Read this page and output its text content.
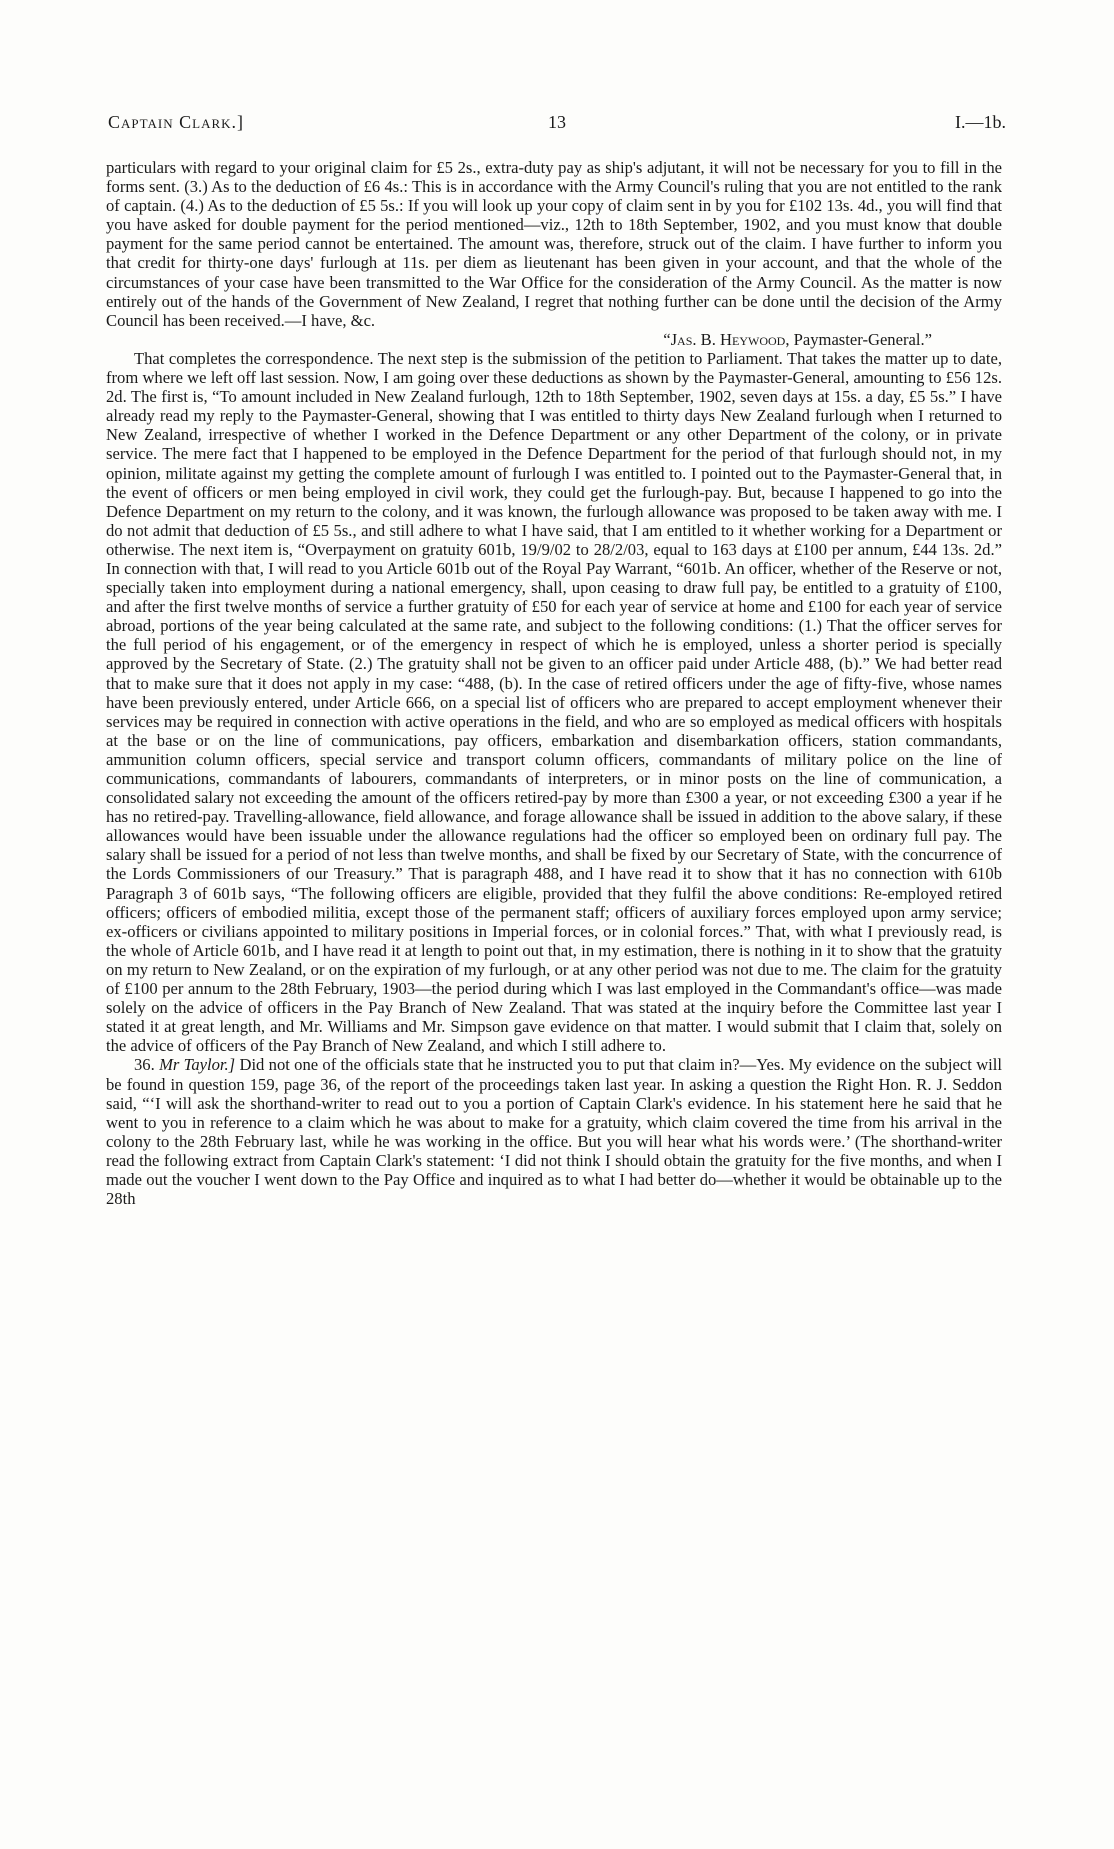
Captain Clark.]	13	I.—1b.

particulars with regard to your original claim for £5 2s., extra-duty pay as ship's adjutant, it will not be necessary for you to fill in the forms sent. (3.) As to the deduction of £6 4s.: This is in accordance with the Army Council's ruling that you are not entitled to the rank of captain. (4.) As to the deduction of £5 5s.: If you will look up your copy of claim sent in by you for £102 13s. 4d., you will find that you have asked for double payment for the period mentioned—viz., 12th to 18th September, 1902, and you must know that double payment for the same period cannot be entertained. The amount was, therefore, struck out of the claim. I have further to inform you that credit for thirty-one days' furlough at 11s. per diem as lieutenant has been given in your account, and that the whole of the circumstances of your case have been transmitted to the War Office for the consideration of the Army Council. As the matter is now entirely out of the hands of the Government of New Zealand, I regret that nothing further can be done until the decision of the Army Council has been received.—I have, &c.

“Jas. B. Heywood, Paymaster-General.”

That completes the correspondence. The next step is the submission of the petition to Parliament. That takes the matter up to date, from where we left off last session. Now, I am going over these deductions as shown by the Paymaster-General, amounting to £56 12s. 2d. The first is, “To amount included in New Zealand furlough, 12th to 18th September, 1902, seven days at 15s. a day, £5 5s.” I have already read my reply to the Paymaster-General, showing that I was entitled to thirty days New Zealand furlough when I returned to New Zealand, irrespective of whether I worked in the Defence Department or any other Department of the colony, or in private service. The mere fact that I happened to be employed in the Defence Department for the period of that furlough should not, in my opinion, militate against my getting the complete amount of furlough I was entitled to. I pointed out to the Paymaster-General that, in the event of officers or men being employed in civil work, they could get the furlough-pay. But, because I happened to go into the Defence Department on my return to the colony, and it was known, the furlough allowance was proposed to be taken away with me. I do not admit that deduction of £5 5s., and still adhere to what I have said, that I am entitled to it whether working for a Department or otherwise. The next item is, “Overpayment on gratuity 601b, 19/9/02 to 28/2/03, equal to 163 days at £100 per annum, £44 13s. 2d.” In connection with that, I will read to you Article 601b out of the Royal Pay Warrant, “601b. An officer, whether of the Reserve or not, specially taken into employment during a national emergency, shall, upon ceasing to draw full pay, be entitled to a gratuity of £100, and after the first twelve months of service a further gratuity of £50 for each year of service at home and £100 for each year of service abroad, portions of the year being calculated at the same rate, and subject to the following conditions: (1.) That the officer serves for the full period of his engagement, or of the emergency in respect of which he is employed, unless a shorter period is specially approved by the Secretary of State. (2.) The gratuity shall not be given to an officer paid under Article 488, (b).” We had better read that to make sure that it does not apply in my case: “488, (b). In the case of retired officers under the age of fifty-five, whose names have been previously entered, under Article 666, on a special list of officers who are prepared to accept employment whenever their services may be required in connection with active operations in the field, and who are so employed as medical officers with hospitals at the base or on the line of communications, pay officers, embarkation and disembarkation officers, station commandants, ammunition column officers, special service and transport column officers, commandants of military police on the line of communications, commandants of labourers, commandants of interpreters, or in minor posts on the line of communication, a consolidated salary not exceeding the amount of the officers retired-pay by more than £300 a year, or not exceeding £300 a year if he has no retired-pay. Travelling-allowance, field allowance, and forage allowance shall be issued in addition to the above salary, if these allowances would have been issuable under the allowance regulations had the officer so employed been on ordinary full pay. The salary shall be issued for a period of not less than twelve months, and shall be fixed by our Secretary of State, with the concurrence of the Lords Commissioners of our Treasury.” That is paragraph 488, and I have read it to show that it has no connection with 610b Paragraph 3 of 601b says, “The following officers are eligible, provided that they fulfil the above conditions: Re-employed retired officers; officers of embodied militia, except those of the permanent staff; officers of auxiliary forces employed upon army service; ex-officers or civilians appointed to military positions in Imperial forces, or in colonial forces.” That, with what I previously read, is the whole of Article 601b, and I have read it at length to point out that, in my estimation, there is nothing in it to show that the gratuity on my return to New Zealand, or on the expiration of my furlough, or at any other period was not due to me. The claim for the gratuity of £100 per annum to the 28th February, 1903—the period during which I was last employed in the Commandant's office—was made solely on the advice of officers in the Pay Branch of New Zealand. That was stated at the inquiry before the Committee last year I stated it at great length, and Mr. Williams and Mr. Simpson gave evidence on that matter. I would submit that I claim that, solely on the advice of officers of the Pay Branch of New Zealand, and which I still adhere to.

36. Mr Taylor.] Did not one of the officials state that he instructed you to put that claim in?—Yes. My evidence on the subject will be found in question 159, page 36, of the report of the proceedings taken last year. In asking a question the Right Hon. R. J. Seddon said, “‘I will ask the shorthand-writer to read out to you a portion of Captain Clark's evidence. In his statement here he said that he went to you in reference to a claim which he was about to make for a gratuity, which claim covered the time from his arrival in the colony to the 28th February last, while he was working in the office. But you will hear what his words were.’ (The shorthand-writer read the following extract from Captain Clark's statement: ‘I did not think I should obtain the gratuity for the five months, and when I made out the voucher I went down to the Pay Office and inquired as to what I had better do—whether it would be obtainable up to the 28th
